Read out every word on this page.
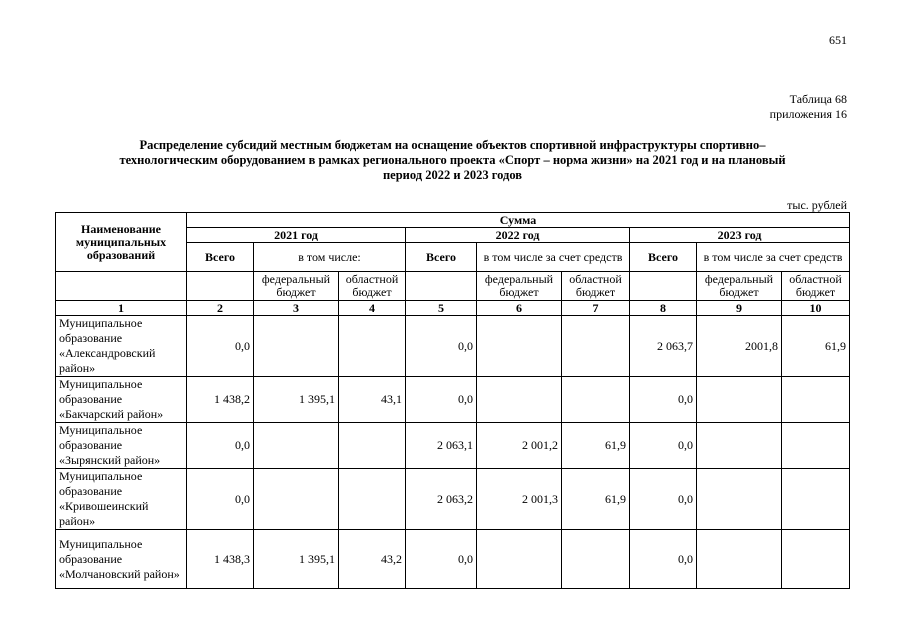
651
Таблица 68
приложения 16
Распределение субсидий местным бюджетам на оснащение объектов спортивной инфраструктуры спортивно–
технологическим оборудованием в рамках регионального проекта «Спорт – норма жизни» на 2021 год и на плановый
период 2022 и 2023 годов
тыс. рублей
Наименование муниципальных образований	Сумма								
	2021 год			2022 год			2023 год		
	Всего	в том числе:		Всего	в том числе за счет средств		Всего	в том числе за счет средств	
		федеральный бюджет	областной бюджет		федеральный бюджет	областной бюджет		федеральный бюджет	областной бюджет
1	2	3	4	5	6	7	8	9	10
Муниципальное образование «Александровский район»	0,0			0,0			2 063,7	2001,8	61,9
Муниципальное образование «Бакчарский район»	1 438,2	1 395,1	43,1	0,0			0,0		
Муниципальное образование «Зырянский район»	0,0			2 063,1	2 001,2	61,9	0,0		
Муниципальное образование «Кривошеинский район»	0,0			2 063,2	2 001,3	61,9	0,0		
Муниципальное образование «Молчановский район»	1 438,3	1 395,1	43,2	0,0			0,0		
